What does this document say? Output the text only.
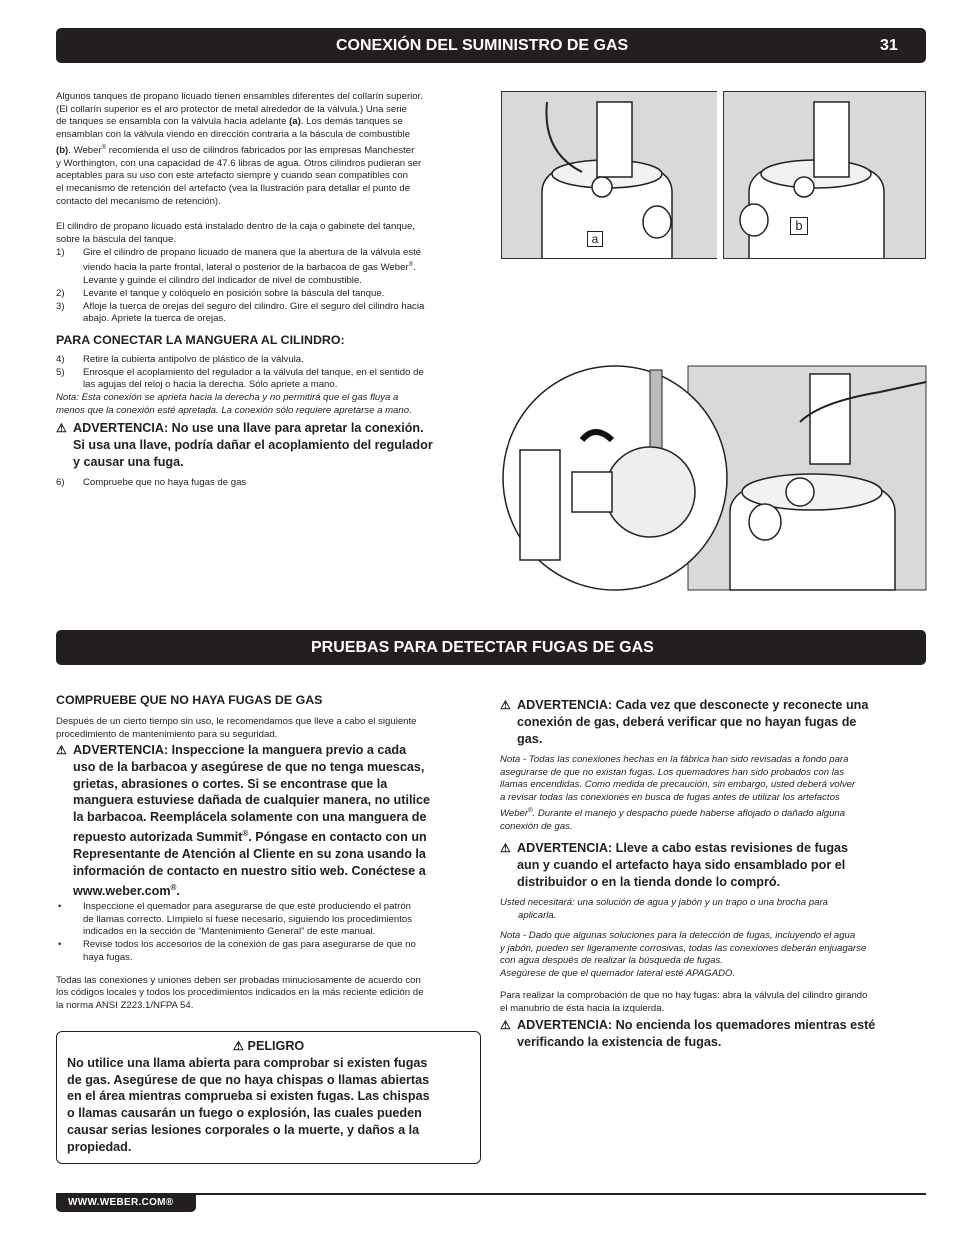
CONEXIÓN DEL SUMINISTRO DE GAS	31

Algunos tanques de propano licuado tienen ensambles diferentes del collarín superior.

(El collarín superior es el aro protector de metal alrededor de la válvula.) Una serie

de tanques se ensambla con la válvula hacia adelante (a). Los demás tanques se

ensamblan con la válvula viendo en dirección contraria a la báscula de combustible

(b). Weber® recomienda el uso de cilindros fabricados por las empresas Manchester

y Worthington, con una capacidad de 47.6 libras de agua. Otros cilindros pudieran ser

aceptables para su uso con este artefacto siempre y cuando sean compatibles con

el mecanismo de retención del artefacto (vea la Ilustración para detallar el punto de

contacto del mecanismo de retención).

El cilindro de propano licuado está instalado dentro de la caja o gabinete del tanque,

sobre la báscula del tanque.

1)	Gire el cilindro de propano licuado de manera que la abertura de la válvula esté

viendo hacia la parte frontal, lateral o posterior de la barbacoa de gas Weber®.

Levante y guinde el cilindro del indicador de nivel de combustible.

2)	Levante el tanque y colóquelo en posición sobre la báscula del tanque.

3)	Afloje la tuerca de orejas del seguro del cilindro. Gire el seguro del cilindro hacia

abajo. Apriete la tuerca de orejas.

PARA CONECTAR LA MANGUERA AL CILINDRO:
4)	Retire la cubierta antipolvo de plástico de la válvula.

5)	Enrosque el acoplamiento del regulador a la válvula del tanque, en el sentido de

las agujas del reloj o hacia la derecha. Sólo apriete a mano.

Nota: Esta conexión se aprieta hacia la derecha y no permitirá que el gas fluya a

menos que la conexión esté apretada. La conexión sólo requiere apretarse a mano.

⚠ ADVERTENCIA: No use una llave para apretar la conexión.
Si usa una llave, podría dañar el acoplamiento del regulador
y causar una fuga.
6)	Compruebe que no haya fugas de gas

a
b
PRUEBAS PARA DETECTAR FUGAS DE GAS
COMPRUEBE QUE NO HAYA FUGAS DE GAS

Después de un cierto tiempo sin uso, le recomendamos que lleve a cabo el siguiente

procedimiento de mantenimiento para su seguridad.

⚠ ADVERTENCIA: Inspeccione la manguera previo a cada
uso de la barbacoa y asegúrese de que no tenga muescas,
grietas, abrasiones o cortes. Si se encontrase que la
manguera estuviese dañada de cualquier manera, no utilice
la barbacoa. Reemplácela solamente con una manguera de
repuesto autorizada Summit®. Póngase en contacto con un
Representante de Atención al Cliente en su zona usando la
información de contacto en nuestro sitio web. Conéctese a
www.weber.com®.
•	Inspeccione el quemador para asegurarse de que esté produciendo el patrón

de llamas correcto. Límpielo si fuese necesario, siguiendo los procedimientos

indicados en la sección de “Mantenimiento General” de este manual.

•	Revise todos los accesorios de la conexión de gas para asegurarse de que no

haya fugas.

Todas las conexiones y uniones deben ser probadas minuciosamente de acuerdo con

los códigos locales y todos los procedimientos indicados en la más reciente edición de

la norma ANSI Z223.1/NFPA 54.

⚠ PELIGRO

No utilice una llama abierta para comprobar si existen fugas

de gas. Asegúrese de que no haya chispas o llamas abiertas

en el área mientras comprueba si existen fugas. Las chispas

o llamas causarán un fuego o explosión, las cuales pueden

causar serias lesiones corporales o la muerte, y daños a la

propiedad.

⚠ ADVERTENCIA: Cada vez que desconecte y reconecte una
conexión de gas, deberá verificar que no hayan fugas de
gas.

Nota - Todas las conexiones hechas en la fábrica han sido revisadas a fondo para

asegurarse de que no existan fugas. Los quemadores han sido probados con las

llamas encendidas. Como medida de precaución, sin embargo, usted deberá volver

a revisar todas las conexiones en busca de fugas antes de utilizar los artefactos

Weber®. Durante el manejo y despacho puede haberse aflojado o dañado alguna

conexión de gas.

⚠ ADVERTENCIA: Lleve a cabo estas revisiones de fugas
aun y cuando el artefacto haya sido ensamblado por el
distribuidor o en la tienda donde lo compró.

Usted necesitará: una solución de agua y jabón y un trapo o una brocha para

aplicarla.

Nota - Dado que algunas soluciones para la detección de fugas, incluyendo el agua

y jabón, pueden ser ligeramente corrosivas, todas las conexiones deberán enjuagarse

con agua después de realizar la búsqueda de fugas.

Asegúrese de que el quemador lateral esté APAGADO.

Para realizar la comprobación de que no hay fugas: abra la válvula del cilindro girando

el manubrio de ésta hacia la izquierda.

⚠ ADVERTENCIA: No encienda los quemadores mientras esté
verificando la existencia de fugas.
WWW.WEBER.COM®
